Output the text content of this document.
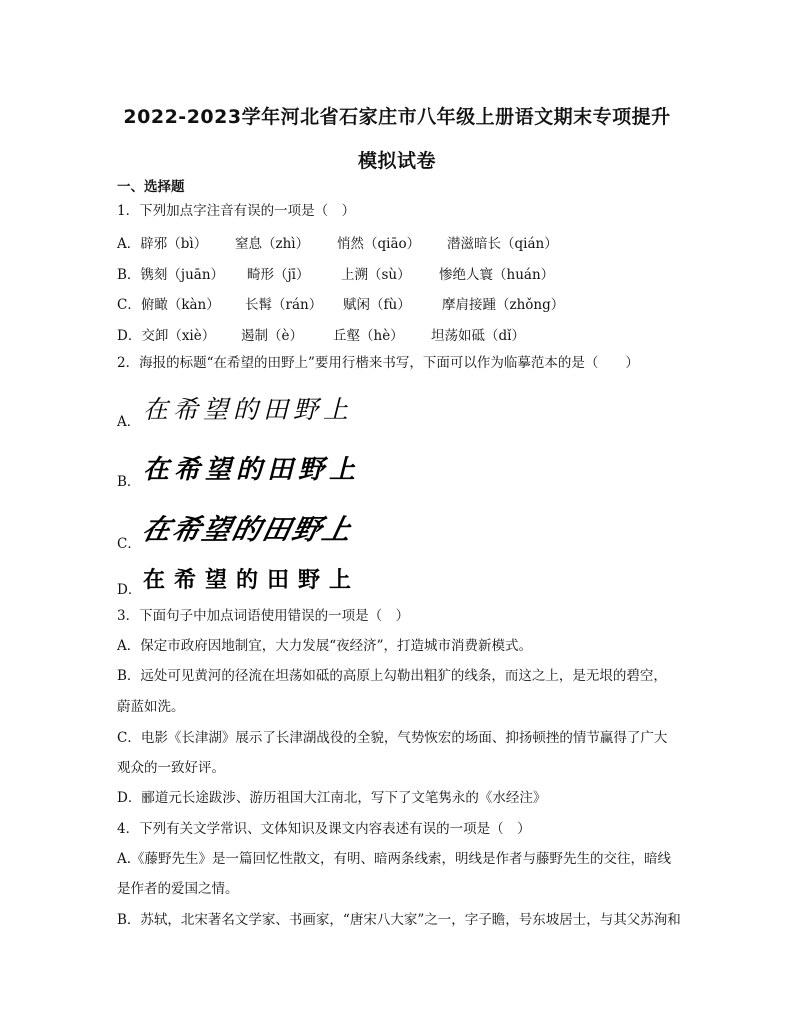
2022-2023学年河北省石家庄市八年级上册语文期末专项提升
模拟试卷
一、选择题
1．下列加点字注音有误的一项是（　）
A．辟邪（bì） 窒息（zhì） 悄然（qiāo） 潜滋暗长（qián）
B．镌刻（juān） 畸形（jī） 上溯（sù） 惨绝人寰（huán）
C．俯瞰（kàn） 长髯（rán） 赋闲（fù） 摩肩接踵（zhǒng）
D．交卸（xiè） 遏制（è） 丘壑（hè） 坦荡如砥（dǐ）
2．海报的标题“在希望的田野上”要用行楷来书写，下面可以作为临摹范本的是（　　）
A． 在希望的田野上
B． 在希望的田野上
C．
在希望的田野上
D． 在希望的田野上
3．下面句子中加点词语使用错误的一项是（　）
A．保定市政府因地制宜，大力发展“夜经济”，打造城市消费新模式。
B．远处可见黄河的径流在坦荡如砥的高原上勾勒出粗犷的线条，而这之上，是无垠的碧空，
蔚蓝如洗。
C．电影《长津湖》展示了长津湖战役的全貌，气势恢宏的场面、抑扬顿挫的情节赢得了广大
观众的一致好评。
D．郦道元长途跋涉、游历祖国大江南北，写下了文笔隽永的《水经注》
4．下列有关文学常识、文体知识及课文内容表述有误的一项是（　）
A.《藤野先生》是一篇回忆性散文，有明、暗两条线索，明线是作者与藤野先生的交往，暗线
是作者的爱国之情。
B．苏轼，北宋著名文学家、书画家，“唐宋八大家”之一，字子瞻，号东坡居士，与其父苏洵和
